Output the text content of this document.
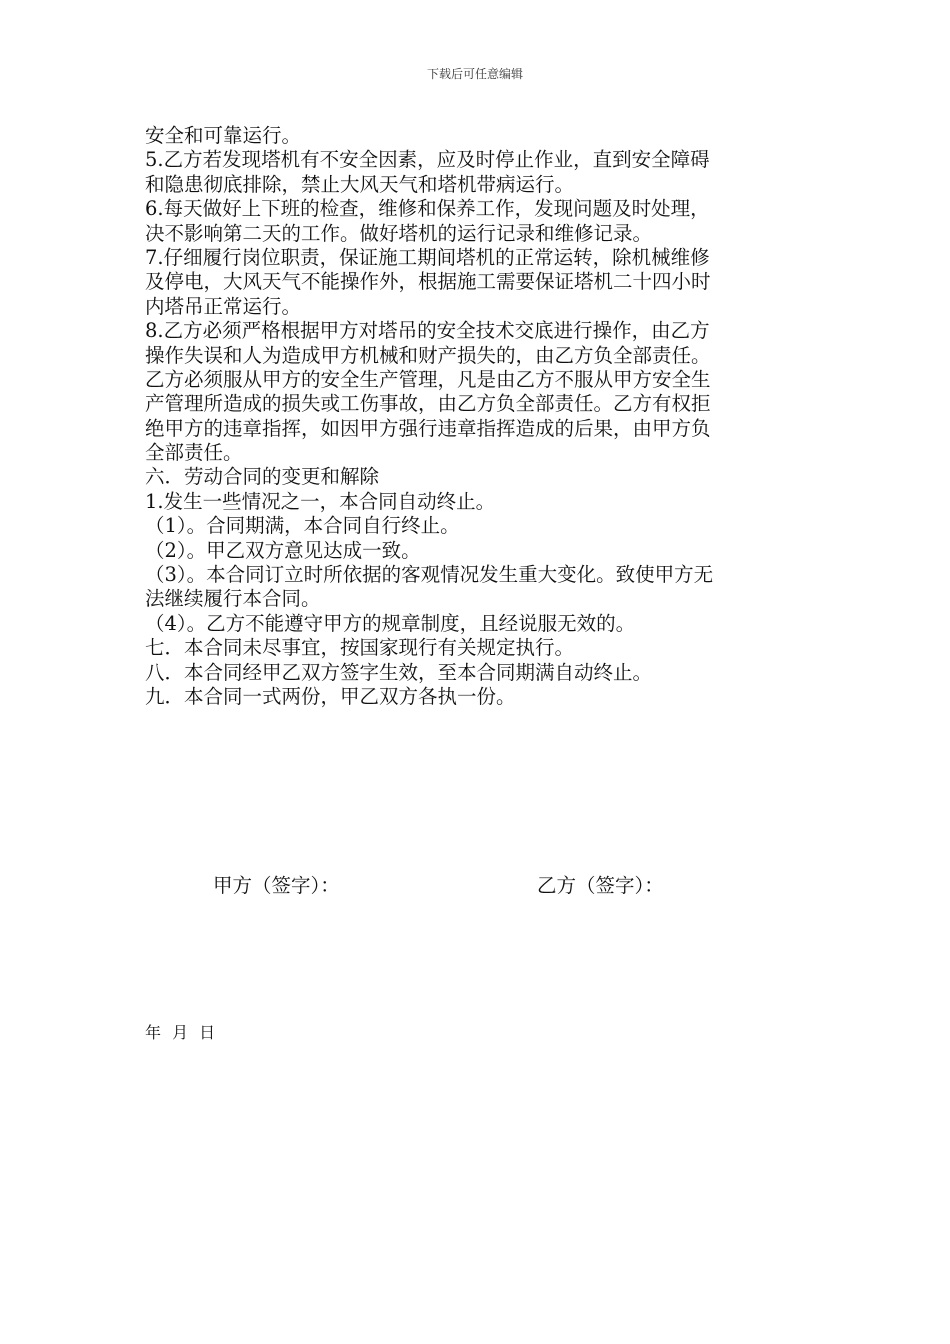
下载后可任意编辑
安全和可靠运行。
5.乙方若发现塔机有不安全因素，应及时停止作业，直到安全障碍
和隐患彻底排除，禁止大风天气和塔机带病运行。
6.每天做好上下班的检查，维修和保养工作，发现问题及时处理，
决不影响第二天的工作。做好塔机的运行记录和维修记录。
7.仔细履行岗位职责，保证施工期间塔机的正常运转，除机械维修
及停电，大风天气不能操作外，根据施工需要保证塔机二十四小时
内塔吊正常运行。
8.乙方必须严格根据甲方对塔吊的安全技术交底进行操作，由乙方
操作失误和人为造成甲方机械和财产损失的，由乙方负全部责任。
乙方必须服从甲方的安全生产管理，凡是由乙方不服从甲方安全生
产管理所造成的损失或工伤事故，由乙方负全部责任。乙方有权拒
绝甲方的违章指挥，如因甲方强行违章指挥造成的后果，由甲方负
全部责任。
六．劳动合同的变更和解除
1.发生一些情况之一，本合同自动终止。
（1）。合同期满，本合同自行终止。
（2）。甲乙双方意见达成一致。
（3）。本合同订立时所依据的客观情况发生重大变化。致使甲方无
法继续履行本合同。
（4）。乙方不能遵守甲方的规章制度，且经说服无效的。
七．本合同未尽事宜，按国家现行有关规定执行。
八．本合同经甲乙双方签字生效，至本合同期满自动终止。
九．本合同一式两份，甲乙双方各执一份。
甲方（签字）：	乙方（签字）：
年 月 日
